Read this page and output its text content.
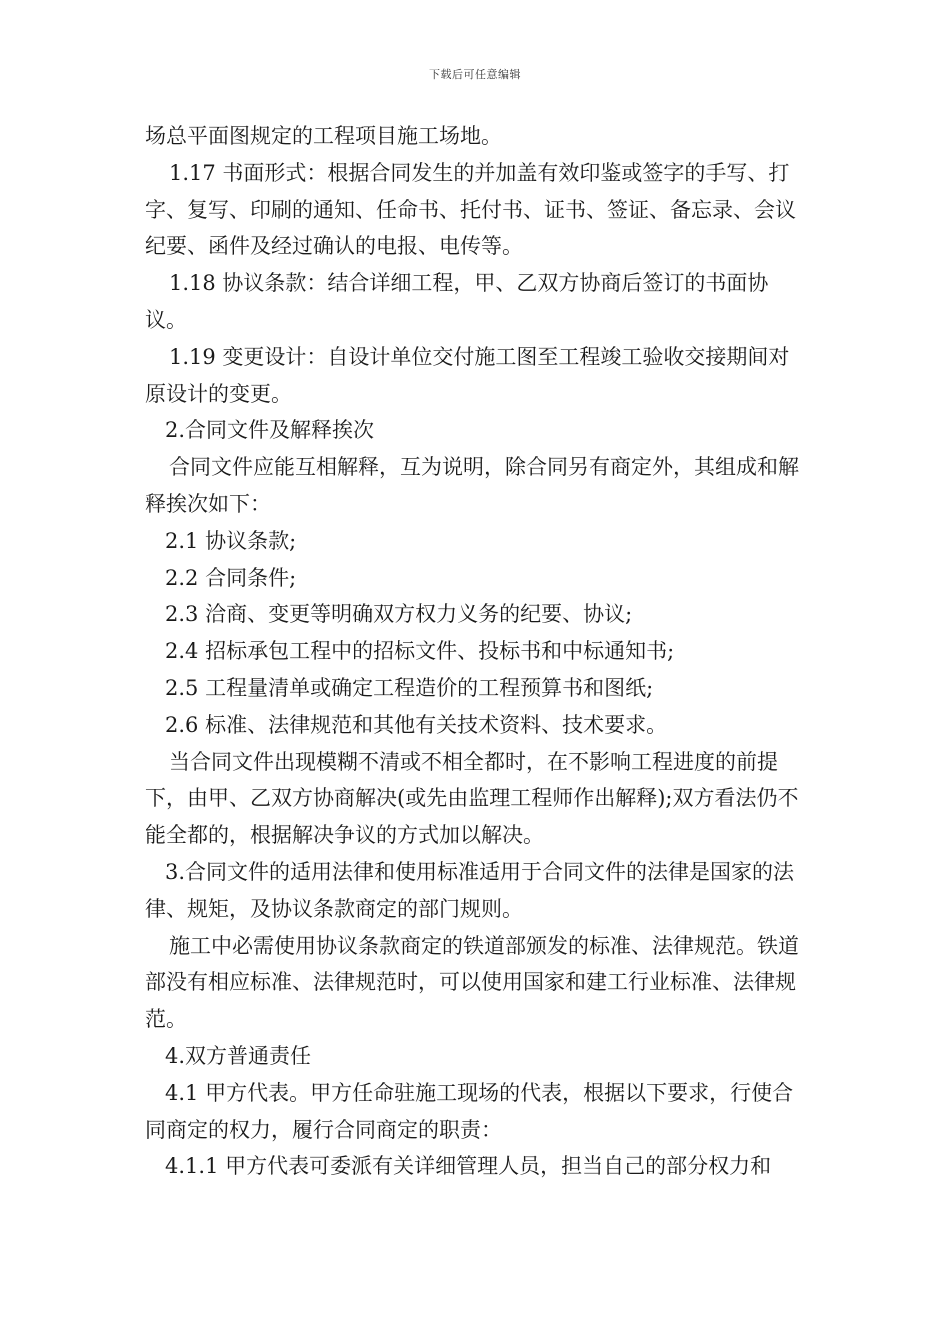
下载后可任意编辑

场总平面图规定的工程项目施工场地。

1.17 书面形式：根据合同发生的并加盖有效印鉴或签字的手写、打字、复写、印刷的通知、任命书、托付书、证书、签证、备忘录、会议纪要、函件及经过确认的电报、电传等。

1.18 协议条款：结合详细工程，甲、乙双方协商后签订的书面协议。

1.19 变更设计：自设计单位交付施工图至工程竣工验收交接期间对原设计的变更。

2.合同文件及解释挨次

合同文件应能互相解释，互为说明，除合同另有商定外，其组成和解释挨次如下：

2.1 协议条款;

2.2 合同条件;

2.3 洽商、变更等明确双方权力义务的纪要、协议;

2.4 招标承包工程中的招标文件、投标书和中标通知书;

2.5 工程量清单或确定工程造价的工程预算书和图纸;

2.6 标准、法律规范和其他有关技术资料、技术要求。

当合同文件出现模糊不清或不相全都时，在不影响工程进度的前提下，由甲、乙双方协商解决(或先由监理工程师作出解释);双方看法仍不能全都的，根据解决争议的方式加以解决。

3.合同文件的适用法律和使用标准适用于合同文件的法律是国家的法律、规矩，及协议条款商定的部门规则。

施工中必需使用协议条款商定的铁道部颁发的标准、法律规范。铁道部没有相应标准、法律规范时，可以使用国家和建工行业标准、法律规范。

4.双方普通责任

4.1 甲方代表。甲方任命驻施工现场的代表，根据以下要求，行使合同商定的权力，履行合同商定的职责：

4.1.1 甲方代表可委派有关详细管理人员，担当自己的部分权力和
